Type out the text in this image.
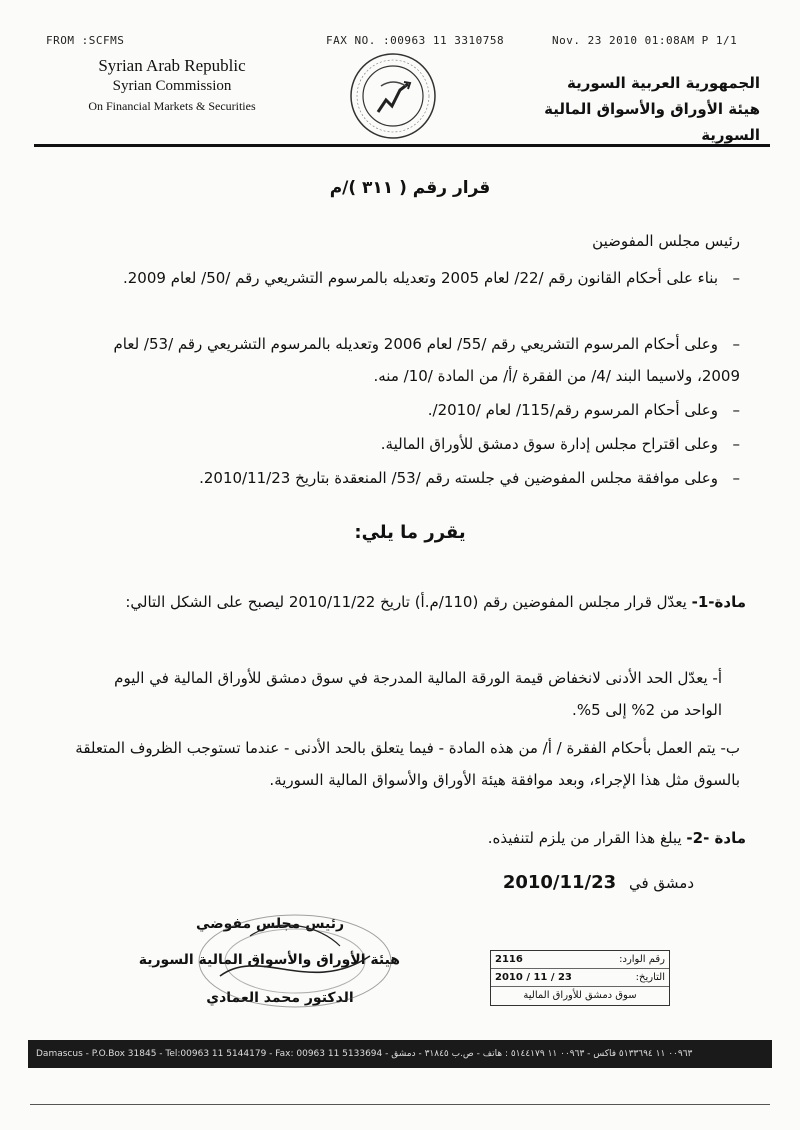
FROM :SCFMS	FAX NO. :00963 11 3310758	Nov. 23 2010 01:08AM P 1/1
Syrian Arab Republic
Syrian Commission
On Financial Markets & Securities
الجمهورية العربية السورية
هيئة الأوراق والأسواق المالية السورية
قرار رقم ( ٣١١ )/م
رئيس مجلس المفوضين
–بناء على أحكام القانون رقم /22/ لعام 2005 وتعديله بالمرسوم التشريعي رقم /50/ لعام 2009.
–وعلى أحكام المرسوم التشريعي رقم /55/ لعام 2006 وتعديله بالمرسوم التشريعي رقم /53/ لعام 2009، ولاسيما البند /4/ من الفقرة /أ/ من المادة /10/ منه.
–وعلى أحكام المرسوم رقم/115/ لعام /2010/.
–وعلى اقتراح مجلس إدارة سوق دمشق للأوراق المالية.
–وعلى موافقة مجلس المفوضين في جلسته رقم /53/ المنعقدة بتاريخ 2010/11/23.
يقرر ما يلي:
مادة-1- يعدّل قرار مجلس المفوضين رقم (110/م.أ) تاريخ 2010/11/22 ليصبح على الشكل التالي:
أ- يعدّل الحد الأدنى لانخفاض قيمة الورقة المالية المدرجة في سوق دمشق للأوراق المالية في اليوم الواحد من 2% إلى 5%.
ب- يتم العمل بأحكام الفقرة / أ/ من هذه المادة - فيما يتعلق بالحد الأدنى - عندما تستوجب الظروف المتعلقة بالسوق مثل هذا الإجراء، وبعد موافقة هيئة الأوراق والأسواق المالية السورية.
مادة -2- يبلغ هذا القرار من يلزم لتنفيذه.
دمشق في 2010/11/23
رئيس مجلس مفوضي
هيئة الأوراق والأسواق المالية السورية
الدكتور محمد العمادي
رقم الوارد:
2116
التاريخ:
2010 / 11 / 23
سوق دمشق للأوراق المالية
Damascus - P.O.Box 31845 - Tel:00963 11 5144179 - Fax: 00963 11 5133694 - ٠٠٩٦٣ ١١ ٥١٣٣٦٩٤ فاكس - ٠٠٩٦٣ ١١ ٥١٤٤١٧٩ : هاتف - ص.ب ٣١٨٤٥ - دمشق
